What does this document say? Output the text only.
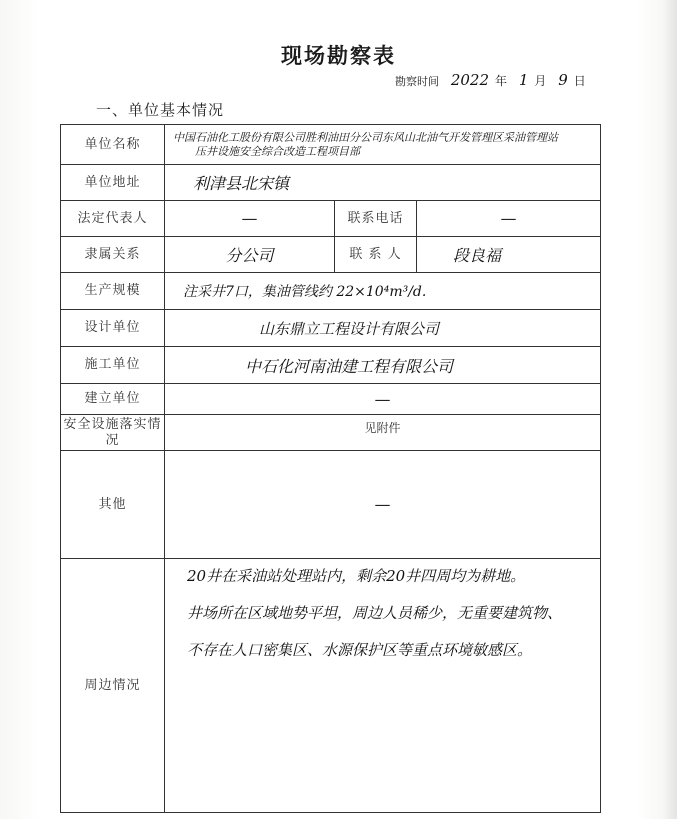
现场勘察表
勘察时间 2022 年 1 月 9 日
一、单位基本情况
单位名称	中国石油化工股份有限公司胜利油田分公司东风山北油气开发管理区采油管理站
压井设施安全综合改造工程项目部		

单位地址	利津县北宋镇		
法定代表人	—	联系电话	—
隶属关系	分公司	联 系 人	段良福
生产规模	注采井7口，集油管线约 22×10⁴m³/d.		
设计单位	山东鼎立工程设计有限公司		
施工单位	中石化河南油建工程有限公司		
建立单位	—		
安全设施落实情况	见附件		
其他	—		
周边情况	20井在采油站处理站内，剩余20井四周均为耕地。
井场所在区域地势平坦，周边人员稀少，无重要建筑物、
不存在人口密集区、水源保护区等重点环境敏感区。		
